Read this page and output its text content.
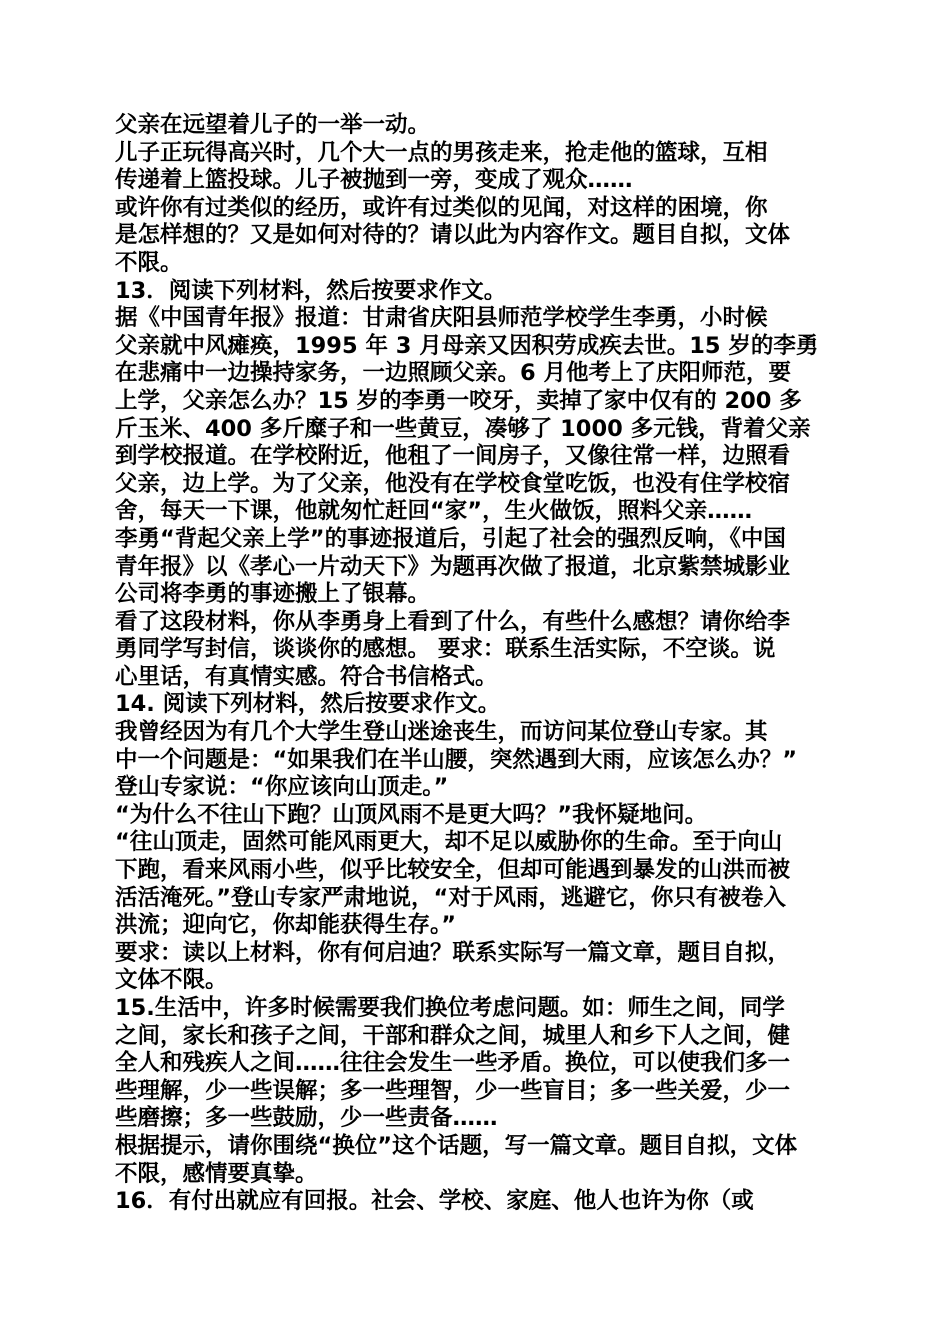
父亲在远望着儿子的一举一动。
儿子正玩得高兴时，几个大一点的男孩走来，抢走他的篮球，互相
传递着上篮投球。儿子被抛到一旁，变成了观众……
或许你有过类似的经历，或许有过类似的见闻，对这样的困境，你
是怎样想的？又是如何对待的？请以此为内容作文。题目自拟，文体
不限。
13．阅读下列材料，然后按要求作文。
据《中国青年报》报道：甘肃省庆阳县师范学校学生李勇，小时候
父亲就中风瘫痪，1995 年 3 月母亲又因积劳成疾去世。15 岁的李勇
在悲痛中一边操持家务，一边照顾父亲。6 月他考上了庆阳师范，要
上学，父亲怎么办？15 岁的李勇一咬牙，卖掉了家中仅有的 200 多
斤玉米、400 多斤糜子和一些黄豆，凑够了 1000 多元钱，背着父亲
到学校报道。在学校附近，他租了一间房子，又像往常一样，边照看
父亲，边上学。为了父亲，他没有在学校食堂吃饭，也没有住学校宿
舍，每天一下课，他就匆忙赶回“家”，生火做饭，照料父亲……
李勇“背起父亲上学”的事迹报道后，引起了社会的强烈反响，《中国
青年报》以《孝心一片动天下》为题再次做了报道，北京紫禁城影业
公司将李勇的事迹搬上了银幕。
看了这段材料，你从李勇身上看到了什么，有些什么感想？请你给李
勇同学写封信，谈谈你的感想。 要求：联系生活实际，不空谈。说
心里话，有真情实感。符合书信格式。
14. 阅读下列材料，然后按要求作文。
我曾经因为有几个大学生登山迷途丧生，而访问某位登山专家。其
中一个问题是：“如果我们在半山腰，突然遇到大雨，应该怎么办？”
登山专家说：“你应该向山顶走。”
“为什么不往山下跑？山顶风雨不是更大吗？”我怀疑地问。
“往山顶走，固然可能风雨更大，却不足以威胁你的生命。至于向山
下跑，看来风雨小些，似乎比较安全，但却可能遇到暴发的山洪而被
活活淹死。”登山专家严肃地说，“对于风雨，逃避它，你只有被卷入
洪流；迎向它，你却能获得生存。”
要求：读以上材料，你有何启迪？联系实际写一篇文章，题目自拟，
文体不限。
15.生活中，许多时候需要我们换位考虑问题。如：师生之间，同学
之间，家长和孩子之间，干部和群众之间，城里人和乡下人之间，健
全人和残疾人之间……往往会发生一些矛盾。换位，可以使我们多一
些理解，少一些误解；多一些理智，少一些盲目；多一些关爱，少一
些磨擦；多一些鼓励，少一些责备……
根据提示，请你围绕“换位”这个话题，写一篇文章。题目自拟，文体
不限，感情要真挚。
16．有付出就应有回报。社会、学校、家庭、他人也许为你（或
